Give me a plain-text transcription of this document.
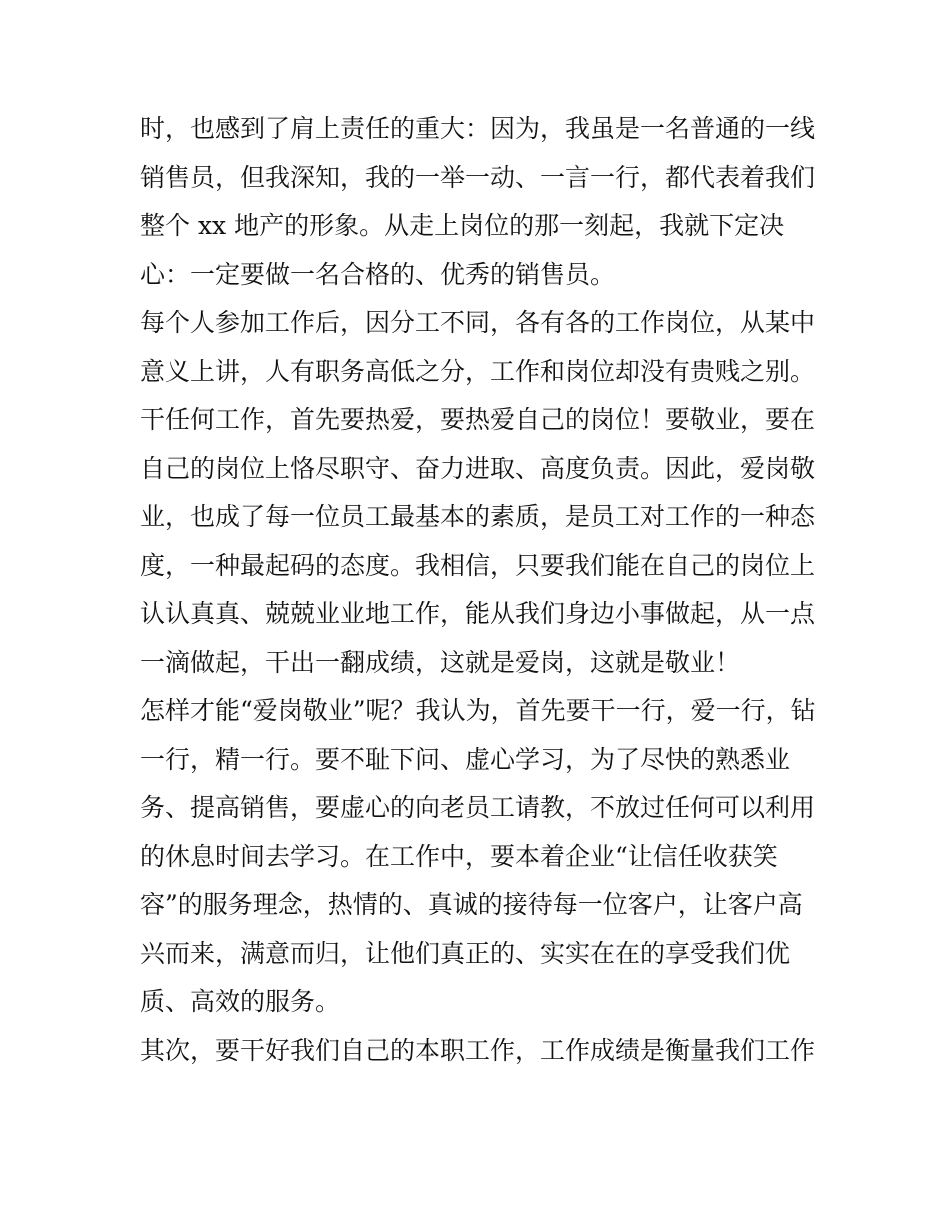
时，也感到了肩上责任的重大：因为，我虽是一名普通的一线
销售员，但我深知，我的一举一动、一言一行，都代表着我们
整个 xx 地产的形象。从走上岗位的那一刻起，我就下定决
心：一定要做一名合格的、优秀的销售员。
每个人参加工作后，因分工不同，各有各的工作岗位，从某中
意义上讲，人有职务高低之分，工作和岗位却没有贵贱之别。
干任何工作，首先要热爱，要热爱自己的岗位！要敬业，要在
自己的岗位上恪尽职守、奋力进取、高度负责。因此，爱岗敬
业，也成了每一位员工最基本的素质，是员工对工作的一种态
度，一种最起码的态度。我相信，只要我们能在自己的岗位上
认认真真、兢兢业业地工作，能从我们身边小事做起，从一点
一滴做起，干出一翻成绩，这就是爱岗，这就是敬业！
怎样才能“爱岗敬业”呢？我认为，首先要干一行，爱一行，钻
一行，精一行。要不耻下问、虚心学习，为了尽快的熟悉业
务、提高销售，要虚心的向老员工请教，不放过任何可以利用
的休息时间去学习。在工作中，要本着企业“让信任收获笑
容”的服务理念，热情的、真诚的接待每一位客户，让客户高
兴而来，满意而归，让他们真正的、实实在在的享受我们优
质、高效的服务。
其次，要干好我们自己的本职工作，工作成绩是衡量我们工作
